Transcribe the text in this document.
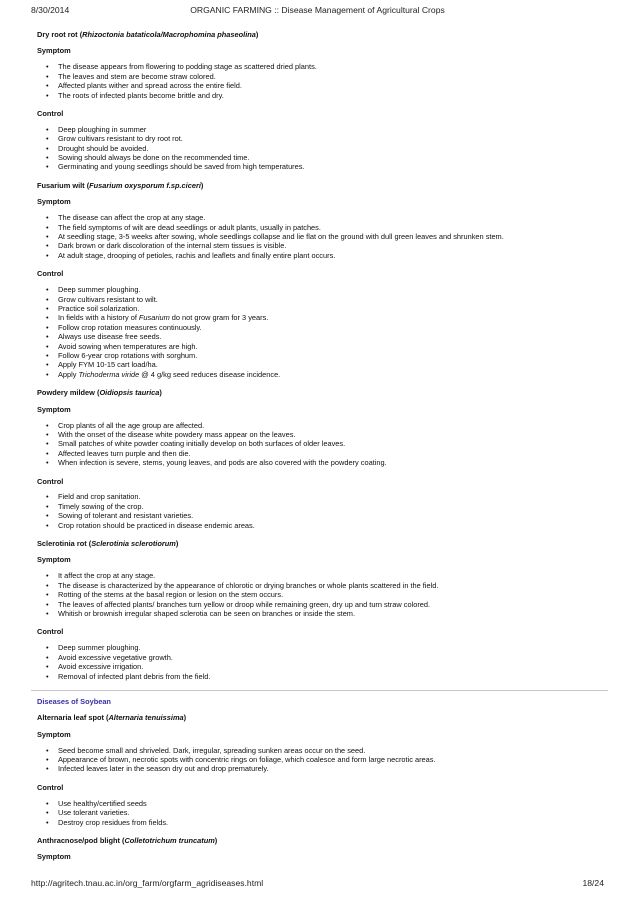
8/30/2014	ORGANIC FARMING :: Disease Management of Agricultural Crops
Dry root rot (Rhizoctonia bataticola/Macrophomina phaseolina)
Symptom
• The disease appears from flowering to podding stage as scattered dried plants.
• The leaves and stem are become straw colored.
• Affected plants wither and spread across the entire field.
• The roots of infected plants become brittle and dry.
Control
• Deep ploughing in summer
• Grow cultivars resistant to dry root rot.
• Drought should be avoided.
• Sowing should always be done on the recommended time.
• Germinating and young seedlings should be saved from high temperatures.
Fusarium wilt (Fusarium oxysporum f.sp.ciceri)
Symptom
• The disease can affect the crop at any stage.
• The field symptoms of wilt are dead seedlings or adult plants, usually in patches.
• At seedling stage, 3-5 weeks after sowing, whole seedlings collapse and lie flat on the ground with dull green leaves and shrunken stem.
• Dark brown or dark discoloration of the internal stem tissues is visible.
• At adult stage, drooping of petioles, rachis and leaflets and finally entire plant occurs.
Control
• Deep summer ploughing.
• Grow cultivars resistant to wilt.
• Practice soil solarization.
• In fields with a history of Fusarium do not grow gram for 3 years.
• Follow crop rotation measures continuously.
• Always use disease free seeds.
• Avoid sowing when temperatures are high.
• Follow 6-year crop rotations with sorghum.
• Apply FYM 10-15 cart load/ha.
• Apply Trichoderma viride @ 4 g/kg seed reduces disease incidence.
Powdery mildew (Oidiopsis taurica)
Symptom
• Crop plants of all the age group are affected.
• With the onset of the disease white powdery mass appear on the leaves.
• Small patches of white powder coating initially develop on both surfaces of older leaves.
• Affected leaves turn purple and then die.
• When infection is severe, stems, young leaves, and pods are also covered with the powdery coating.
Control
• Field and crop sanitation.
• Timely sowing of the crop.
• Sowing of tolerant and resistant varieties.
• Crop rotation should be practiced in disease endemic areas.
Sclerotinia rot (Sclerotinia sclerotiorum)
Symptom
• It affect the crop at any stage.
• The disease is characterized by the appearance of chlorotic or drying branches or whole plants scattered in the field.
• Rotting of the stems at the basal region or lesion on the stem occurs.
• The leaves of affected plants/ branches turn yellow or droop while remaining green, dry up and turn straw colored.
• Whitish or brownish irregular shaped sclerotia can be seen on branches or inside the stem.
Control
• Deep summer ploughing.
• Avoid excessive vegetative growth.
• Avoid excessive irrigation.
• Removal of infected plant debris from the field.
Diseases of Soybean
Alternaria leaf spot (Alternaria tenuissima)
Symptom
• Seed become small and shriveled. Dark, irregular, spreading sunken areas occur on the seed.
• Appearance of brown, necrotic spots with concentric rings on foliage, which coalesce and form large necrotic areas.
• Infected leaves later in the season dry out and drop prematurely.
Control
• Use healthy/certified seeds
• Use tolerant varieties.
• Destroy crop residues from fields.
Anthracnose/pod blight (Colletotrichum truncatum)
Symptom
http://agritech.tnau.ac.in/org_farm/orgfarm_agridiseases.html	18/24
